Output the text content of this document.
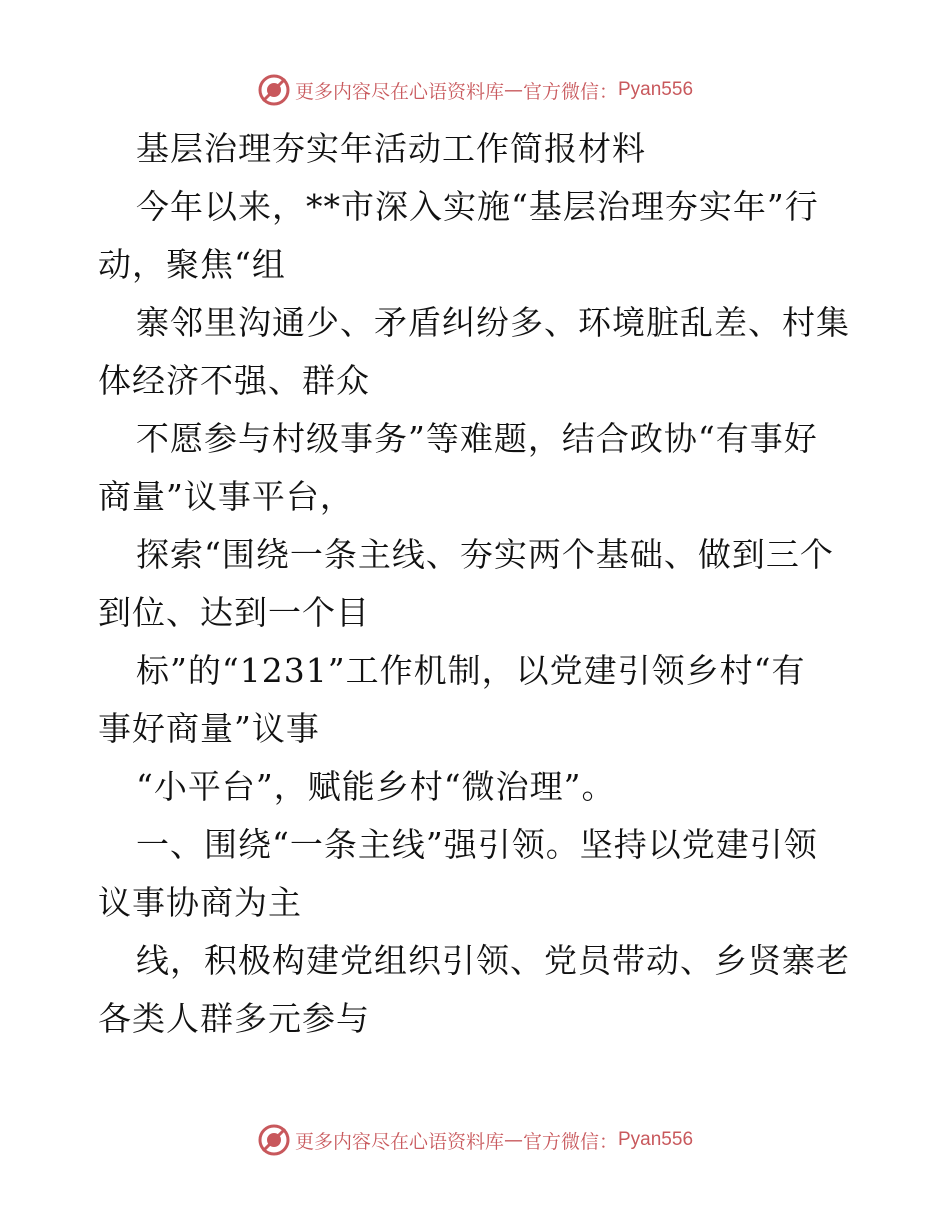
更多内容尽在心语资料库 — 官方微信： Pyan556
基层治理夯实年活动工作简报材料
今年以来，**市深入实施“基层治理夯实年”行
动，聚焦“组
寨邻里沟通少、矛盾纠纷多、环境脏乱差、村集
体经济不强、群众
不愿参与村级事务”等难题，结合政协“有事好
商量”议事平台，
探索“围绕一条主线、夯实两个基础、做到三个
到位、达到一个目
标”的“1231”工作机制，以党建引领乡村“有
事好商量”议事
“小平台”，赋能乡村“微治理”。
一、围绕“一条主线”强引领。坚持以党建引领
议事协商为主
线，积极构建党组织引领、党员带动、乡贤寨老
各类人群多元参与
更多内容尽在心语资料库 — 官方微信： Pyan556
